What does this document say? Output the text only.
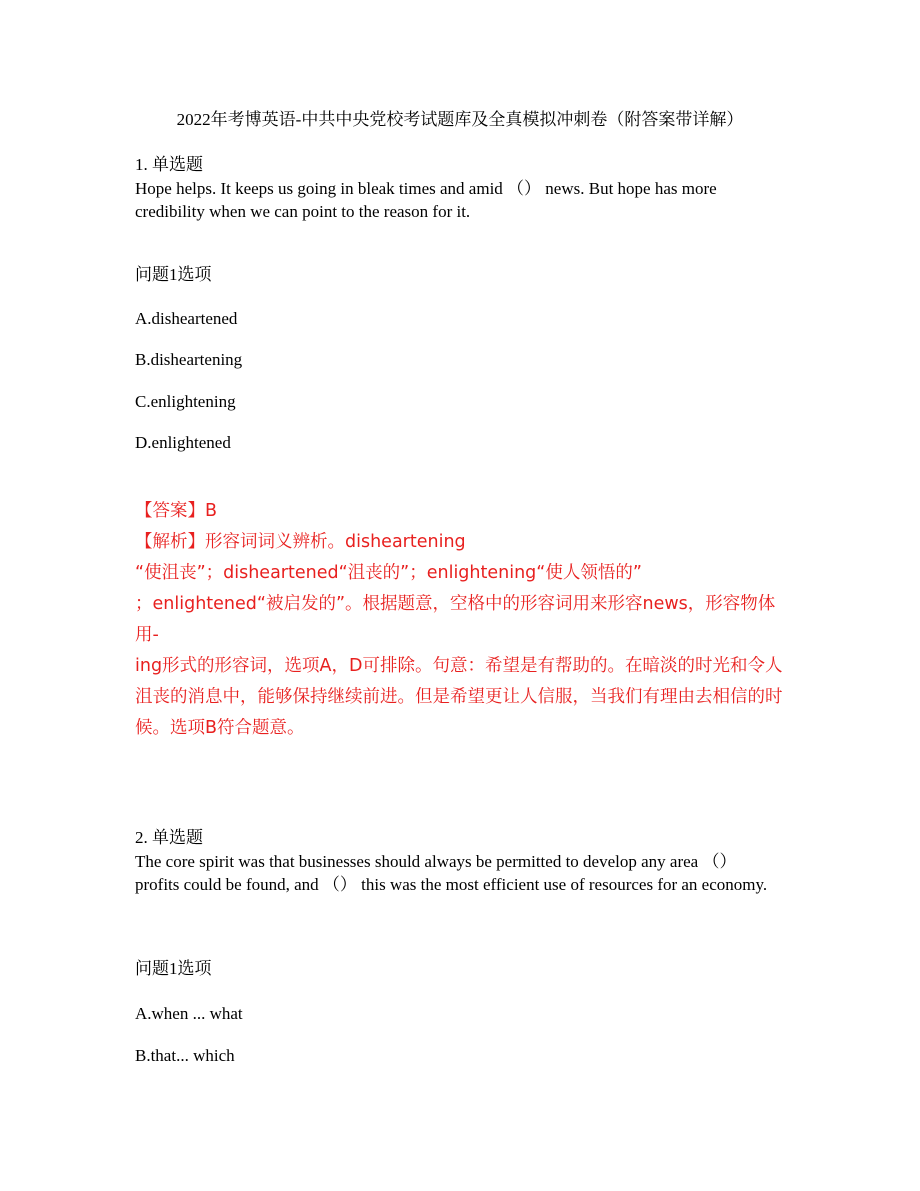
2022年考博英语-中共中央党校考试题库及全真模拟冲刺卷（附答案带详解）

1. 单选题

Hope helps. It keeps us going in bleak times and amid （） news. But hope has more credibility when we can point to the reason for it.

问题1选项

A.disheartened
B.disheartening
C.enlightening
D.enlightened

【答案】B

【解析】形容词词义辨析。disheartening

“使沮丧”；disheartened“沮丧的”；enlightening“使人领悟的”

；enlightened“被启发的”。根据题意，空格中的形容词用来形容news，形容物体用-

ing形式的形容词，选项A，D可排除。句意：希望是有帮助的。在暗淡的时光和令人沮丧的消息中，能够保持继续前进。但是希望更让人信服，当我们有理由去相信的时候。选项B符合题意。

2. 单选题

The core spirit was that businesses should always be permitted to develop any area （） profits could be found, and （） this was the most efficient use of resources for an economy.

问题1选项

A.when ... what
B.that... which
